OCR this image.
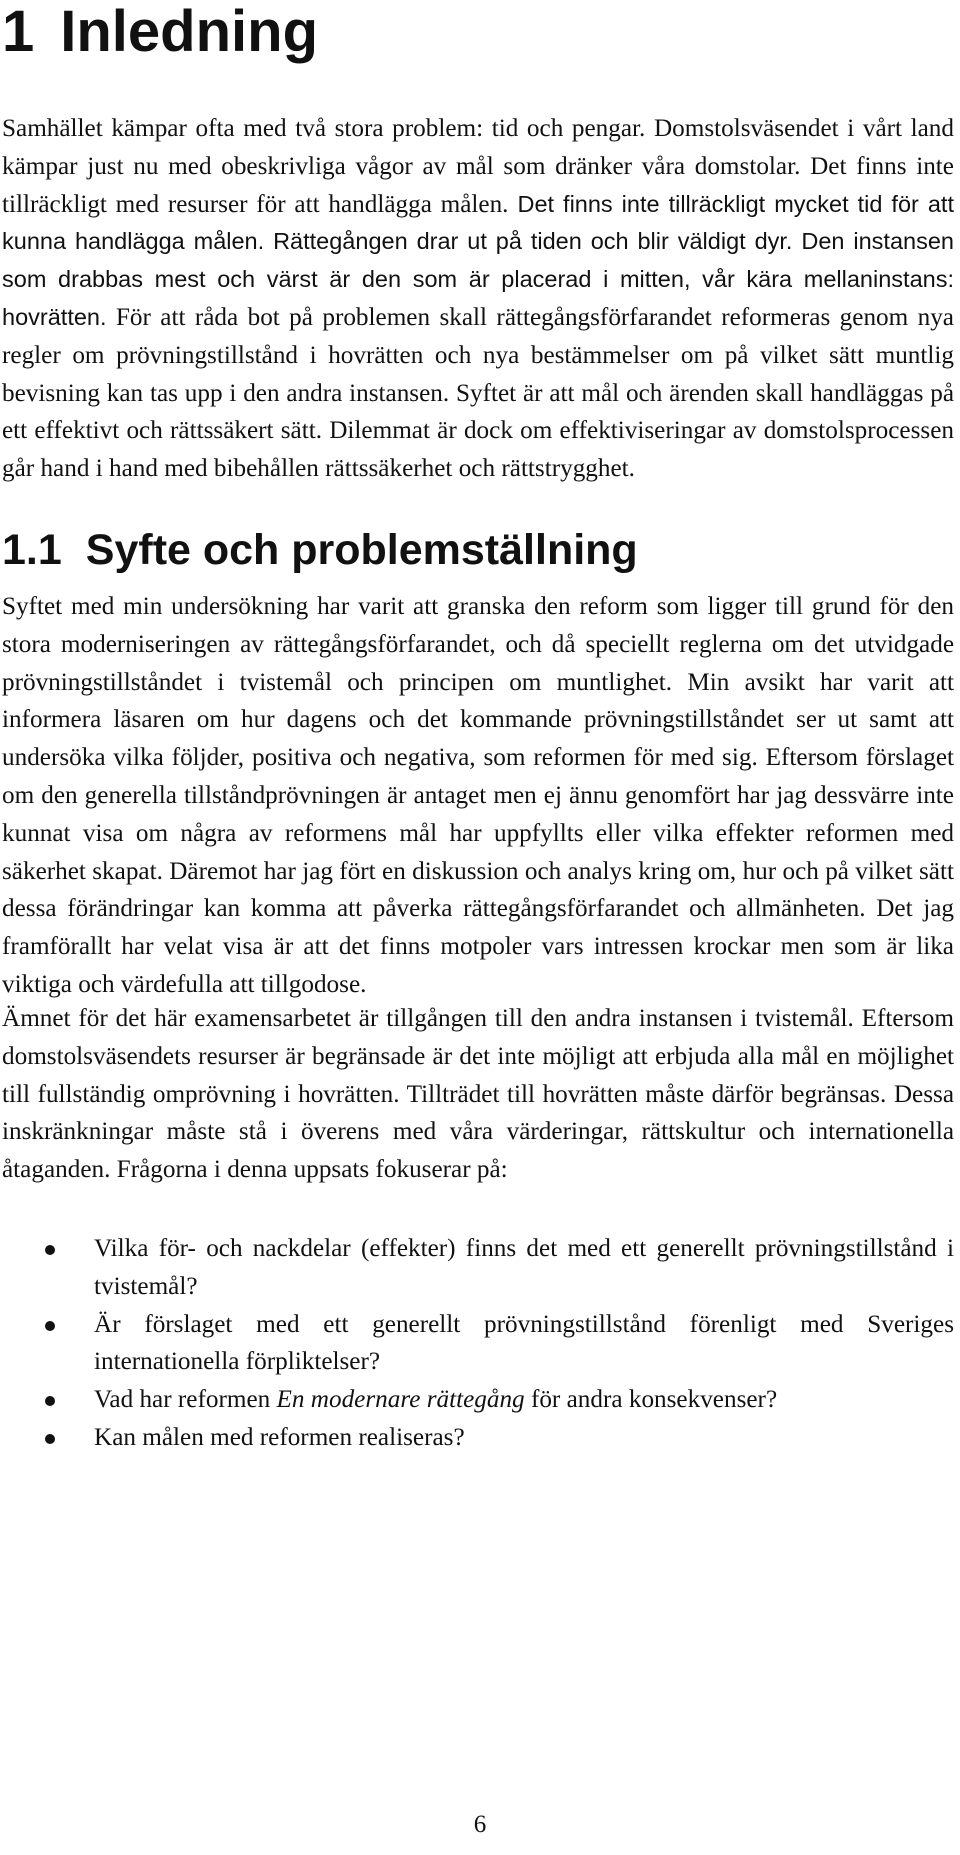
1 Inledning

Samhället kämpar ofta med två stora problem: tid och pengar. Domstolsväsendet i vårt land kämpar just nu med obeskrivliga vågor av mål som dränker våra domstolar. Det finns inte tillräckligt med resurser för att handlägga målen. Det finns inte tillräckligt mycket tid för att kunna handlägga målen. Rättegången drar ut på tiden och blir väldigt dyr. Den instansen som drabbas mest och värst är den som är placerad i mitten, vår kära mellaninstans: hovrätten. För att råda bot på problemen skall rättegångsförfarandet reformeras genom nya regler om prövningstillstånd i hovrätten och nya bestämmelser om på vilket sätt muntlig bevisning kan tas upp i den andra instansen. Syftet är att mål och ärenden skall handläggas på ett effektivt och rättssäkert sätt. Dilemmat är dock om effektiviseringar av domstolsprocessen går hand i hand med bibehållen rättssäkerhet och rättstrygghet.

1.1 Syfte och problemställning

Syftet med min undersökning har varit att granska den reform som ligger till grund för den stora moderniseringen av rättegångsförfarandet, och då speciellt reglerna om det utvidgade prövningstillståndet i tvistemål och principen om muntlighet. Min avsikt har varit att informera läsaren om hur dagens och det kommande prövningstillståndet ser ut samt att undersöka vilka följder, positiva och negativa, som reformen för med sig. Eftersom förslaget om den generella tillståndprövningen är antaget men ej ännu genomfört har jag dessvärre inte kunnat visa om några av reformens mål har uppfyllts eller vilka effekter reformen med säkerhet skapat. Däremot har jag fört en diskussion och analys kring om, hur och på vilket sätt dessa förändringar kan komma att påverka rättegångsförfarandet och allmänheten. Det jag framförallt har velat visa är att det finns motpoler vars intressen krockar men som är lika viktiga och värdefulla att tillgodose.

Ämnet för det här examensarbetet är tillgången till den andra instansen i tvistemål. Eftersom domstolsväsendets resurser är begränsade är det inte möjligt att erbjuda alla mål en möjlighet till fullständig omprövning i hovrätten. Tillträdet till hovrätten måste därför begränsas. Dessa inskränkningar måste stå i överens med våra värderingar, rättskultur och internationella åtaganden. Frågorna i denna uppsats fokuserar på:

Vilka för- och nackdelar (effekter) finns det med ett generellt prövningstillstånd i tvistemål?
Är förslaget med ett generellt prövningstillstånd förenligt med Sveriges internationella förpliktelser?
Vad har reformen En modernare rättegång för andra konsekvenser?
Kan målen med reformen realiseras?
6
